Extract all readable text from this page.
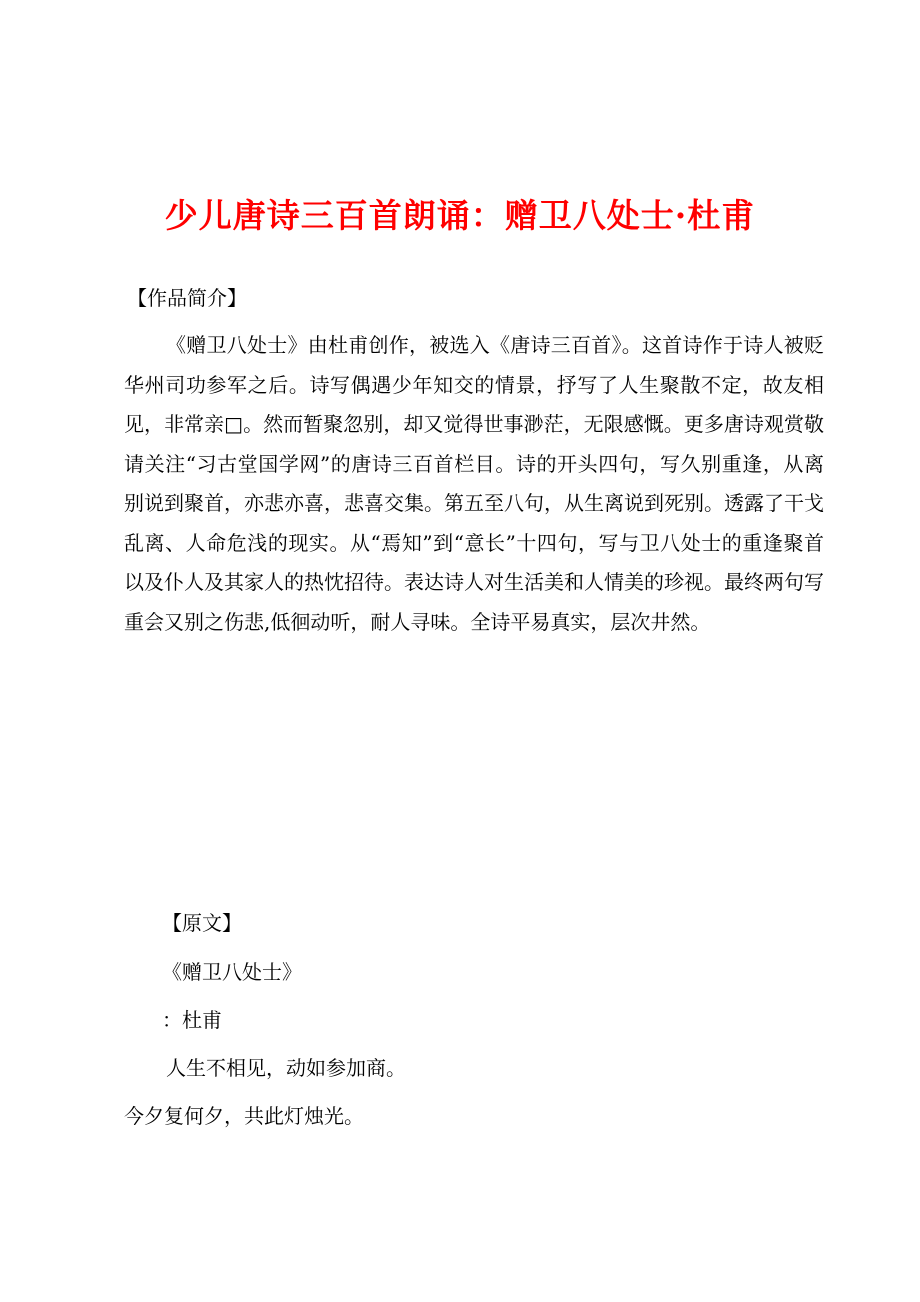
少儿唐诗三百首朗诵：赠卫八处士·杜甫
【作品简介】

《赠卫八处士》由杜甫创作，被选入《唐诗三百首》。这首诗作于诗人被贬华州司功参军之后。诗写偶遇少年知交的情景，抒写了人生聚散不定，故友相见，非常亲□。然而暂聚忽别，却又觉得世事渺茫，无限感慨。更多唐诗观赏敬请关注“习古堂国学网”的唐诗三百首栏目。诗的开头四句，写久别重逢，从离别说到聚首，亦悲亦喜，悲喜交集。第五至八句，从生离说到死别。透露了干戈乱离、人命危浅的现实。从“焉知”到“意长”十四句，写与卫八处士的重逢聚首以及仆人及其家人的热忱招待。表达诗人对生活美和人情美的珍视。最终两句写重会又别之伤悲,低徊动听，耐人寻味。全诗平易真实，层次井然。

【原文】
《赠卫八处士》
：杜甫
人生不相见，动如参加商。
今夕复何夕，共此灯烛光。
